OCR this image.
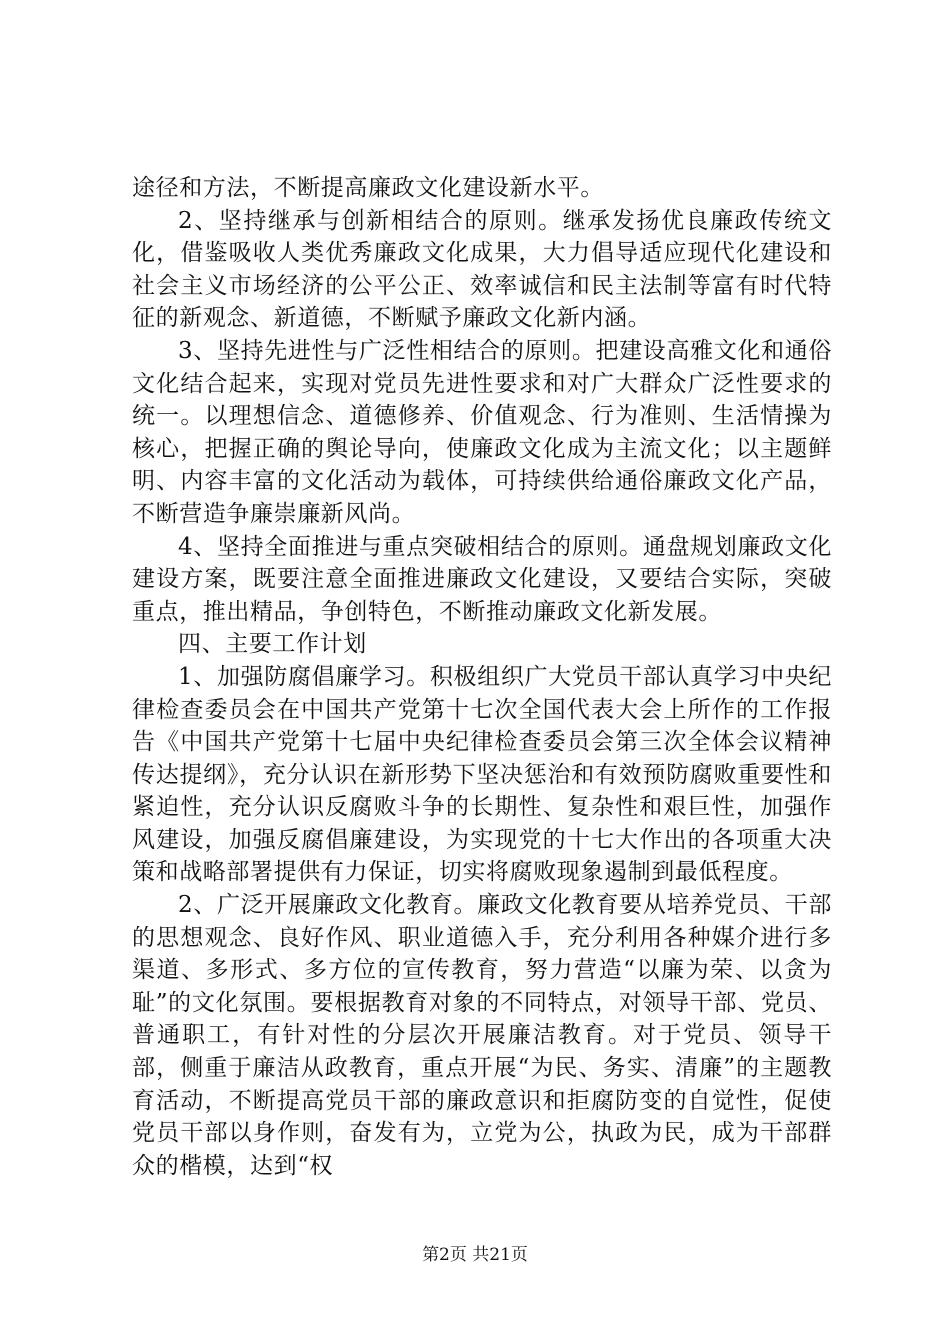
途径和方法，不断提高廉政文化建设新水平。

2、坚持继承与创新相结合的原则。继承发扬优良廉政传统文化，借鉴吸收人类优秀廉政文化成果，大力倡导适应现代化建设和社会主义市场经济的公平公正、效率诚信和民主法制等富有时代特征的新观念、新道德，不断赋予廉政文化新内涵。

3、坚持先进性与广泛性相结合的原则。把建设高雅文化和通俗文化结合起来，实现对党员先进性要求和对广大群众广泛性要求的统一。以理想信念、道德修养、价值观念、行为准则、生活情操为核心，把握正确的舆论导向，使廉政文化成为主流文化；以主题鲜明、内容丰富的文化活动为载体，可持续供给通俗廉政文化产品，不断营造争廉崇廉新风尚。

4、坚持全面推进与重点突破相结合的原则。通盘规划廉政文化建设方案，既要注意全面推进廉政文化建设，又要结合实际，突破重点，推出精品，争创特色，不断推动廉政文化新发展。

四、主要工作计划

1、加强防腐倡廉学习。积极组织广大党员干部认真学习中央纪律检查委员会在中国共产党第十七次全国代表大会上所作的工作报告《中国共产党第十七届中央纪律检查委员会第三次全体会议精神传达提纲》，充分认识在新形势下坚决惩治和有效预防腐败重要性和紧迫性，充分认识反腐败斗争的长期性、复杂性和艰巨性，加强作风建设，加强反腐倡廉建设，为实现党的十七大作出的各项重大决策和战略部署提供有力保证，切实将腐败现象遏制到最低程度。

2、广泛开展廉政文化教育。廉政文化教育要从培养党员、干部的思想观念、良好作风、职业道德入手，充分利用各种媒介进行多渠道、多形式、多方位的宣传教育，努力营造“以廉为荣、以贪为耻”的文化氛围。要根据教育对象的不同特点，对领导干部、党员、普通职工，有针对性的分层次开展廉洁教育。对于党员、领导干部，侧重于廉洁从政教育，重点开展“为民、务实、清廉”的主题教育活动，不断提高党员干部的廉政意识和拒腐防变的自觉性，促使党员干部以身作则，奋发有为，立党为公，执政为民，成为干部群众的楷模，达到“权

第2页 共21页
